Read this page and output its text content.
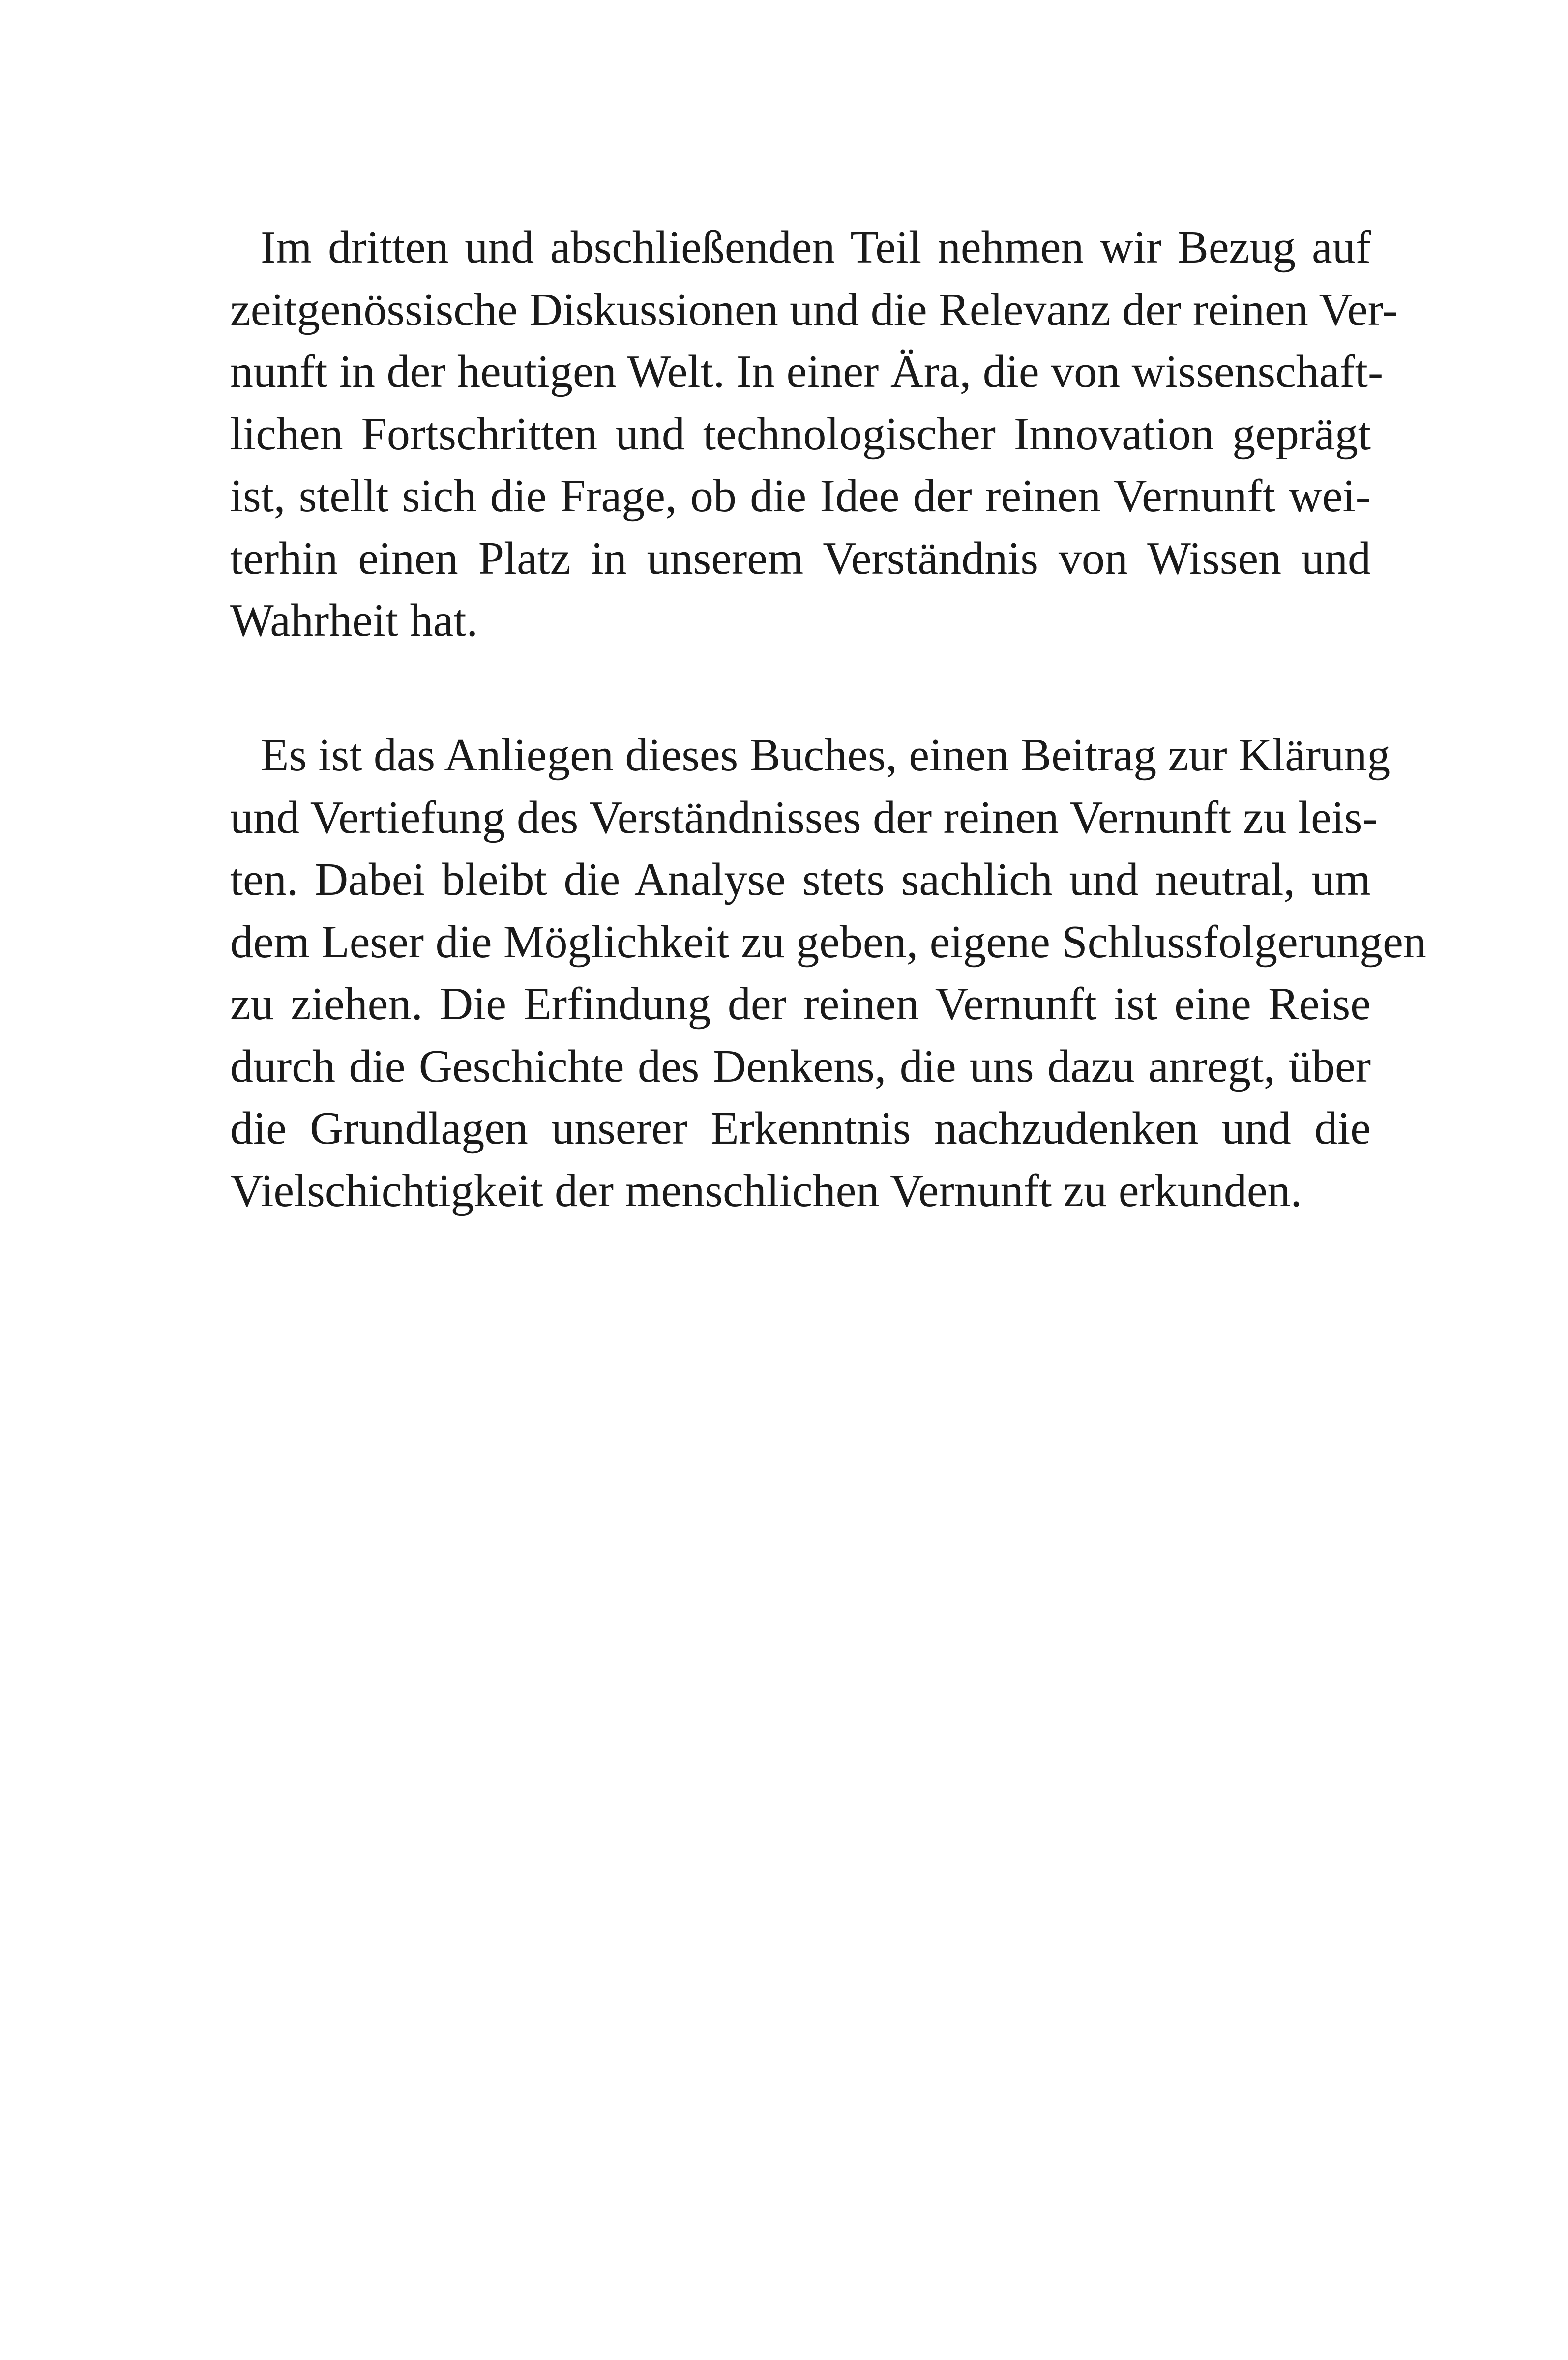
Im dritten und abschließenden Teil nehmen wir Bezug auf
zeitgenössische Diskussionen und die Relevanz der reinen Ver-
nunft in der heutigen Welt. In einer Ära, die von wissenschaft-
lichen Fortschritten und technologischer Innovation geprägt
ist, stellt sich die Frage, ob die Idee der reinen Vernunft wei-
terhin einen Platz in unserem Verständnis von Wissen und
Wahrheit hat.
Es ist das Anliegen dieses Buches, einen Beitrag zur Klärung
und Vertiefung des Verständnisses der reinen Vernunft zu leis-
ten. Dabei bleibt die Analyse stets sachlich und neutral, um
dem Leser die Möglichkeit zu geben, eigene Schlussfolgerungen
zu ziehen. Die Erfindung der reinen Vernunft ist eine Reise
durch die Geschichte des Denkens, die uns dazu anregt, über
die Grundlagen unserer Erkenntnis nachzudenken und die
Vielschichtigkeit der menschlichen Vernunft zu erkunden.
